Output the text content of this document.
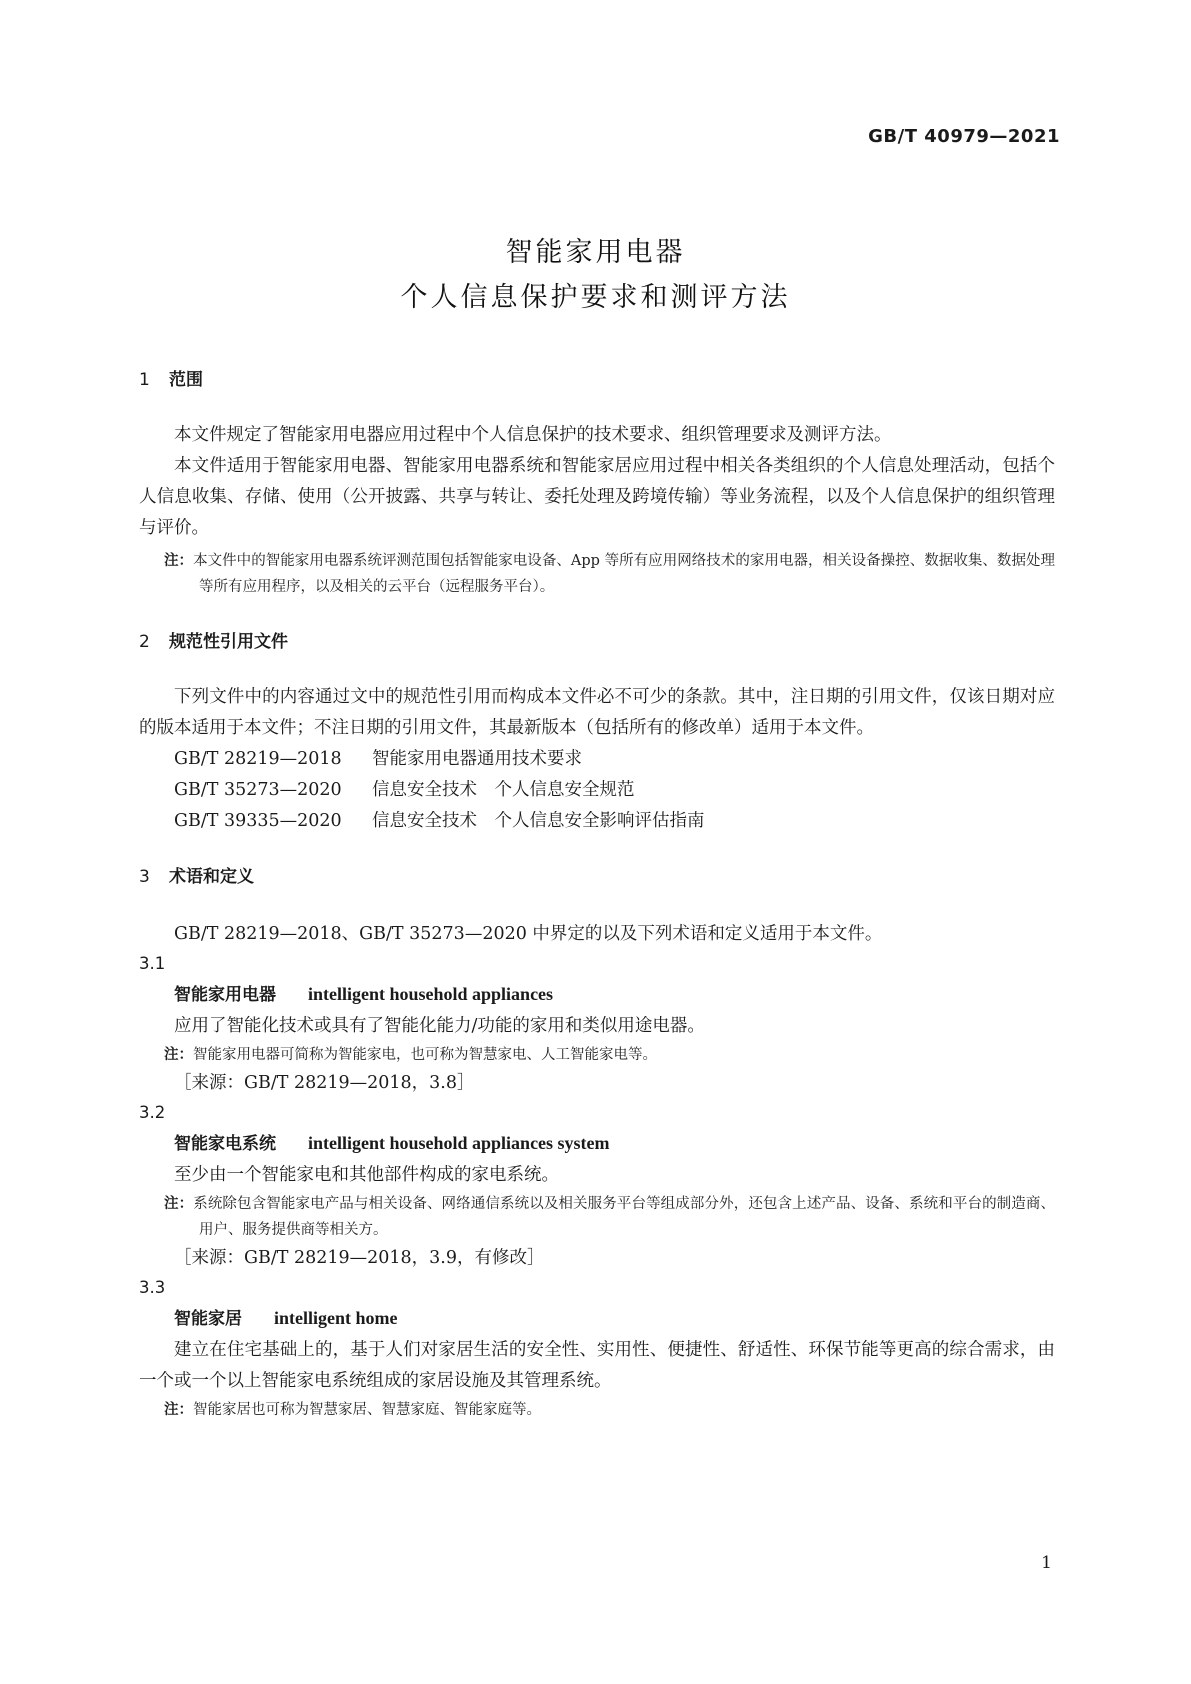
GB/T 40979—2021
智能家用电器
个人信息保护要求和测评方法

1 范围

本文件规定了智能家用电器应用过程中个人信息保护的技术要求、组织管理要求及测评方法。

本文件适用于智能家用电器、智能家用电器系统和智能家居应用过程中相关各类组织的个人信息处理活动，包括个人信息收集、存储、使用（公开披露、共享与转让、委托处理及跨境传输）等业务流程，以及个人信息保护的组织管理与评价。

注：本文件中的智能家用电器系统评测范围包括智能家电设备、App 等所有应用网络技术的家用电器，相关设备操控、数据收集、数据处理等所有应用程序，以及相关的云平台（远程服务平台）。

2 规范性引用文件

下列文件中的内容通过文中的规范性引用而构成本文件必不可少的条款。其中，注日期的引用文件，仅该日期对应的版本适用于本文件；不注日期的引用文件，其最新版本（包括所有的修改单）适用于本文件。

GB/T 28219—2018 智能家用电器通用技术要求

GB/T 35273—2020 信息安全技术　个人信息安全规范

GB/T 39335—2020 信息安全技术　个人信息安全影响评估指南

3 术语和定义

GB/T 28219—2018、GB/T 35273—2020 中界定的以及下列术语和定义适用于本文件。

3.1

智能家用电器 intelligent household appliances

应用了智能化技术或具有了智能化能力/功能的家用和类似用途电器。

注：智能家用电器可简称为智能家电，也可称为智慧家电、人工智能家电等。

［来源：GB/T 28219—2018，3.8］

3.2

智能家电系统 intelligent household appliances system

至少由一个智能家电和其他部件构成的家电系统。

注：系统除包含智能家电产品与相关设备、网络通信系统以及相关服务平台等组成部分外，还包含上述产品、设备、系统和平台的制造商、用户、服务提供商等相关方。

［来源：GB/T 28219—2018，3.9，有修改］

3.3

智能家居 intelligent home

建立在住宅基础上的，基于人们对家居生活的安全性、实用性、便捷性、舒适性、环保节能等更高的综合需求，由一个或一个以上智能家电系统组成的家居设施及其管理系统。

注：智能家居也可称为智慧家居、智慧家庭、智能家庭等。

1
